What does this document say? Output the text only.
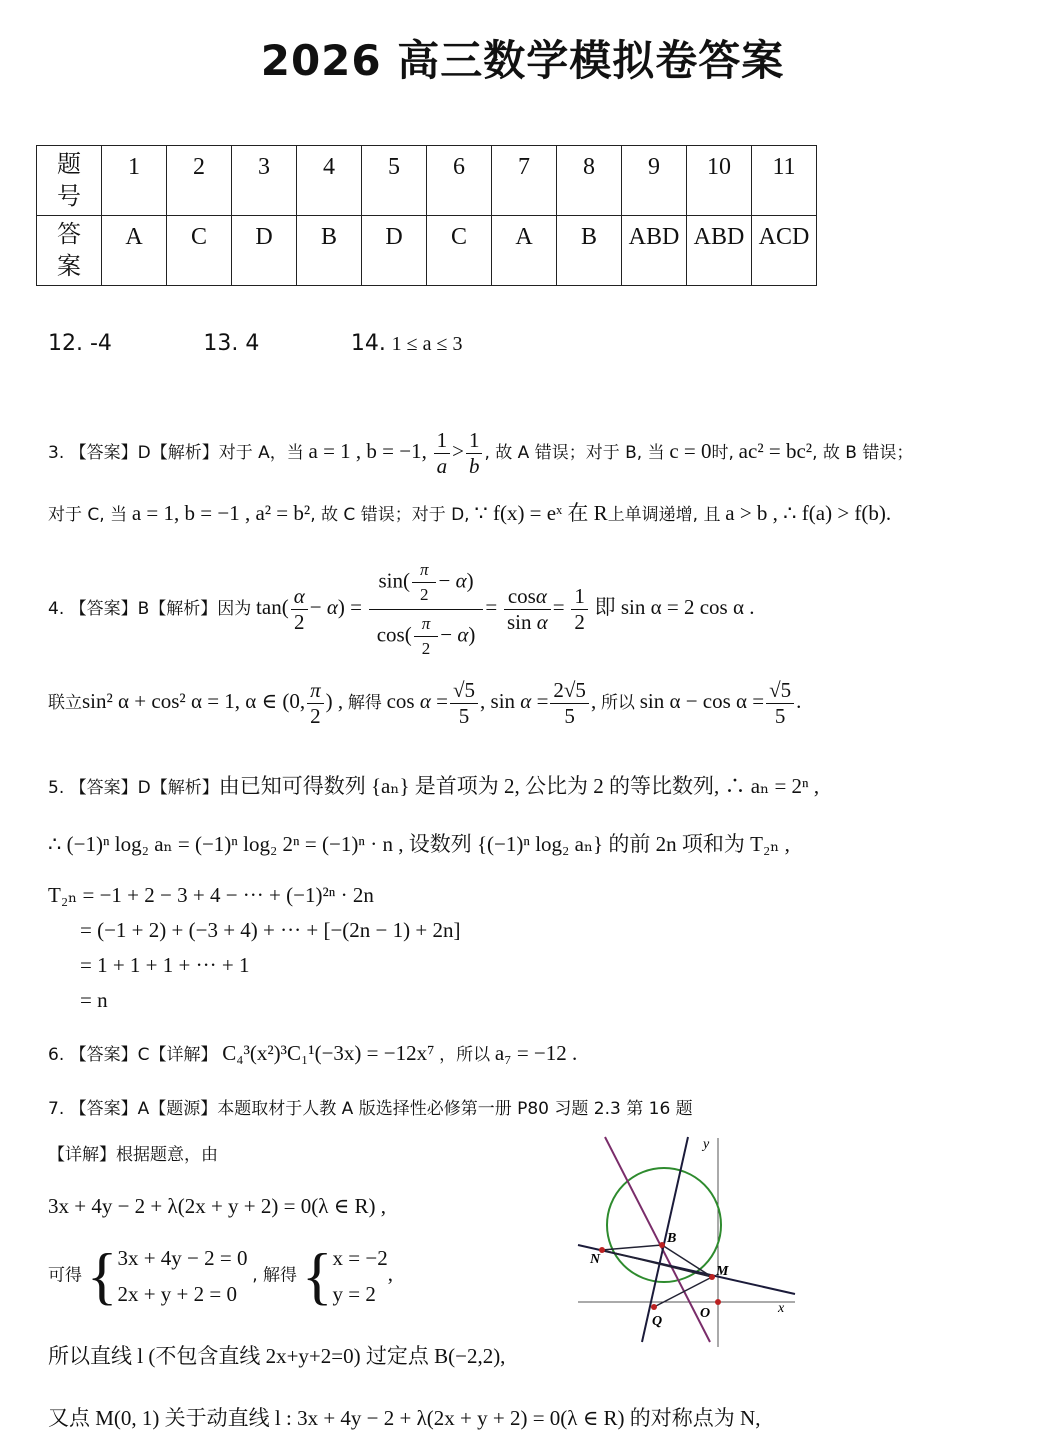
2026 高三数学模拟卷答案
题
号	1	2	3	4	5	6	7	8	9	10	11
答
案	A	C	D	B	D	C	A	B	ABD	ABD	ACD
12. -4	13. 4	14. 1 ≤ a ≤ 3
3. 【答案】D【解析】对于 A，当 a = 1 , b = −1, $\frac{1}{a} > \frac{1}{b}$ , 故 A 错误；对于 B, 当 c = 0时, ac² = bc², 故 B 错误；
对于 C, 当 a = 1, b = −1 , a² = b², 故 C 错误；对于 D, ∵ f(x) = eˣ 在 R上单调递增, 且 a > b , ∴ f(a) > f(b).
4. 【答案】B【解析】因为 $\tan( \frac{\alpha}{2} - \alpha) = \frac{\sin( \frac{\pi}{2} - \alpha)}{\cos( \frac{\pi}{2} - \alpha)} = \frac{\cos\alpha}{\text{sin α}} = \frac{1}{2}$ 即 sin α = 2 cos α .
联立sin² α + cos² α = 1, α ∈ (0, $\frac{\pi}{2}$ ) , 解得 $\cos \alpha = \frac{√5}{5}$ , $\sin \alpha = \frac{2√5}{5}$ , 所以 $\sin \alpha - \cos \alpha = \frac{√5}{5}$ .
5. 【答案】D【解析】由已知可得数列 {aₙ} 是首项为 2, 公比为 2 的等比数列, ∴ aₙ = 2ⁿ ,
∴ (−1)ⁿ log₂ aₙ = (−1)ⁿ log₂ 2ⁿ = (−1)ⁿ · n , 设数列 {(−1)ⁿ log₂ aₙ} 的前 2n 项和为 T₂ₙ ,
T₂ₙ = −1 + 2 − 3 + 4 − ··· + (−1)²ⁿ · 2n
= (−1 + 2) + (−3 + 4) + ··· + [−(2n − 1) + 2n]
= 1 + 1 + 1 + ··· + 1
= n
6. 【答案】C【详解】 C₄³(x²)³C₁¹(−3x) = −12x⁷ ，所以 a₇ = −12 .
7. 【答案】A【题源】本题取材于人教 A 版选择性必修第一册 P80 习题 2.3 第 16 题
【详解】根据题意，由
3x + 4y − 2 + λ(2x + y + 2) = 0(λ ∈ R) ,
可得 {3x + 4y − 2 = 0
2x + y + 2 = 0 , 解得 {x = −2
y = 2,
所以直线 l (不包含直线 2x+y+2=0) 过定点 B(−2,2),
又点 M(0, 1) 关于动直线 l : 3x + 4y − 2 + λ(2x + y + 2) = 0(λ ∈ R) 的对称点为 N,
x
y
B
N
M
Q
O
